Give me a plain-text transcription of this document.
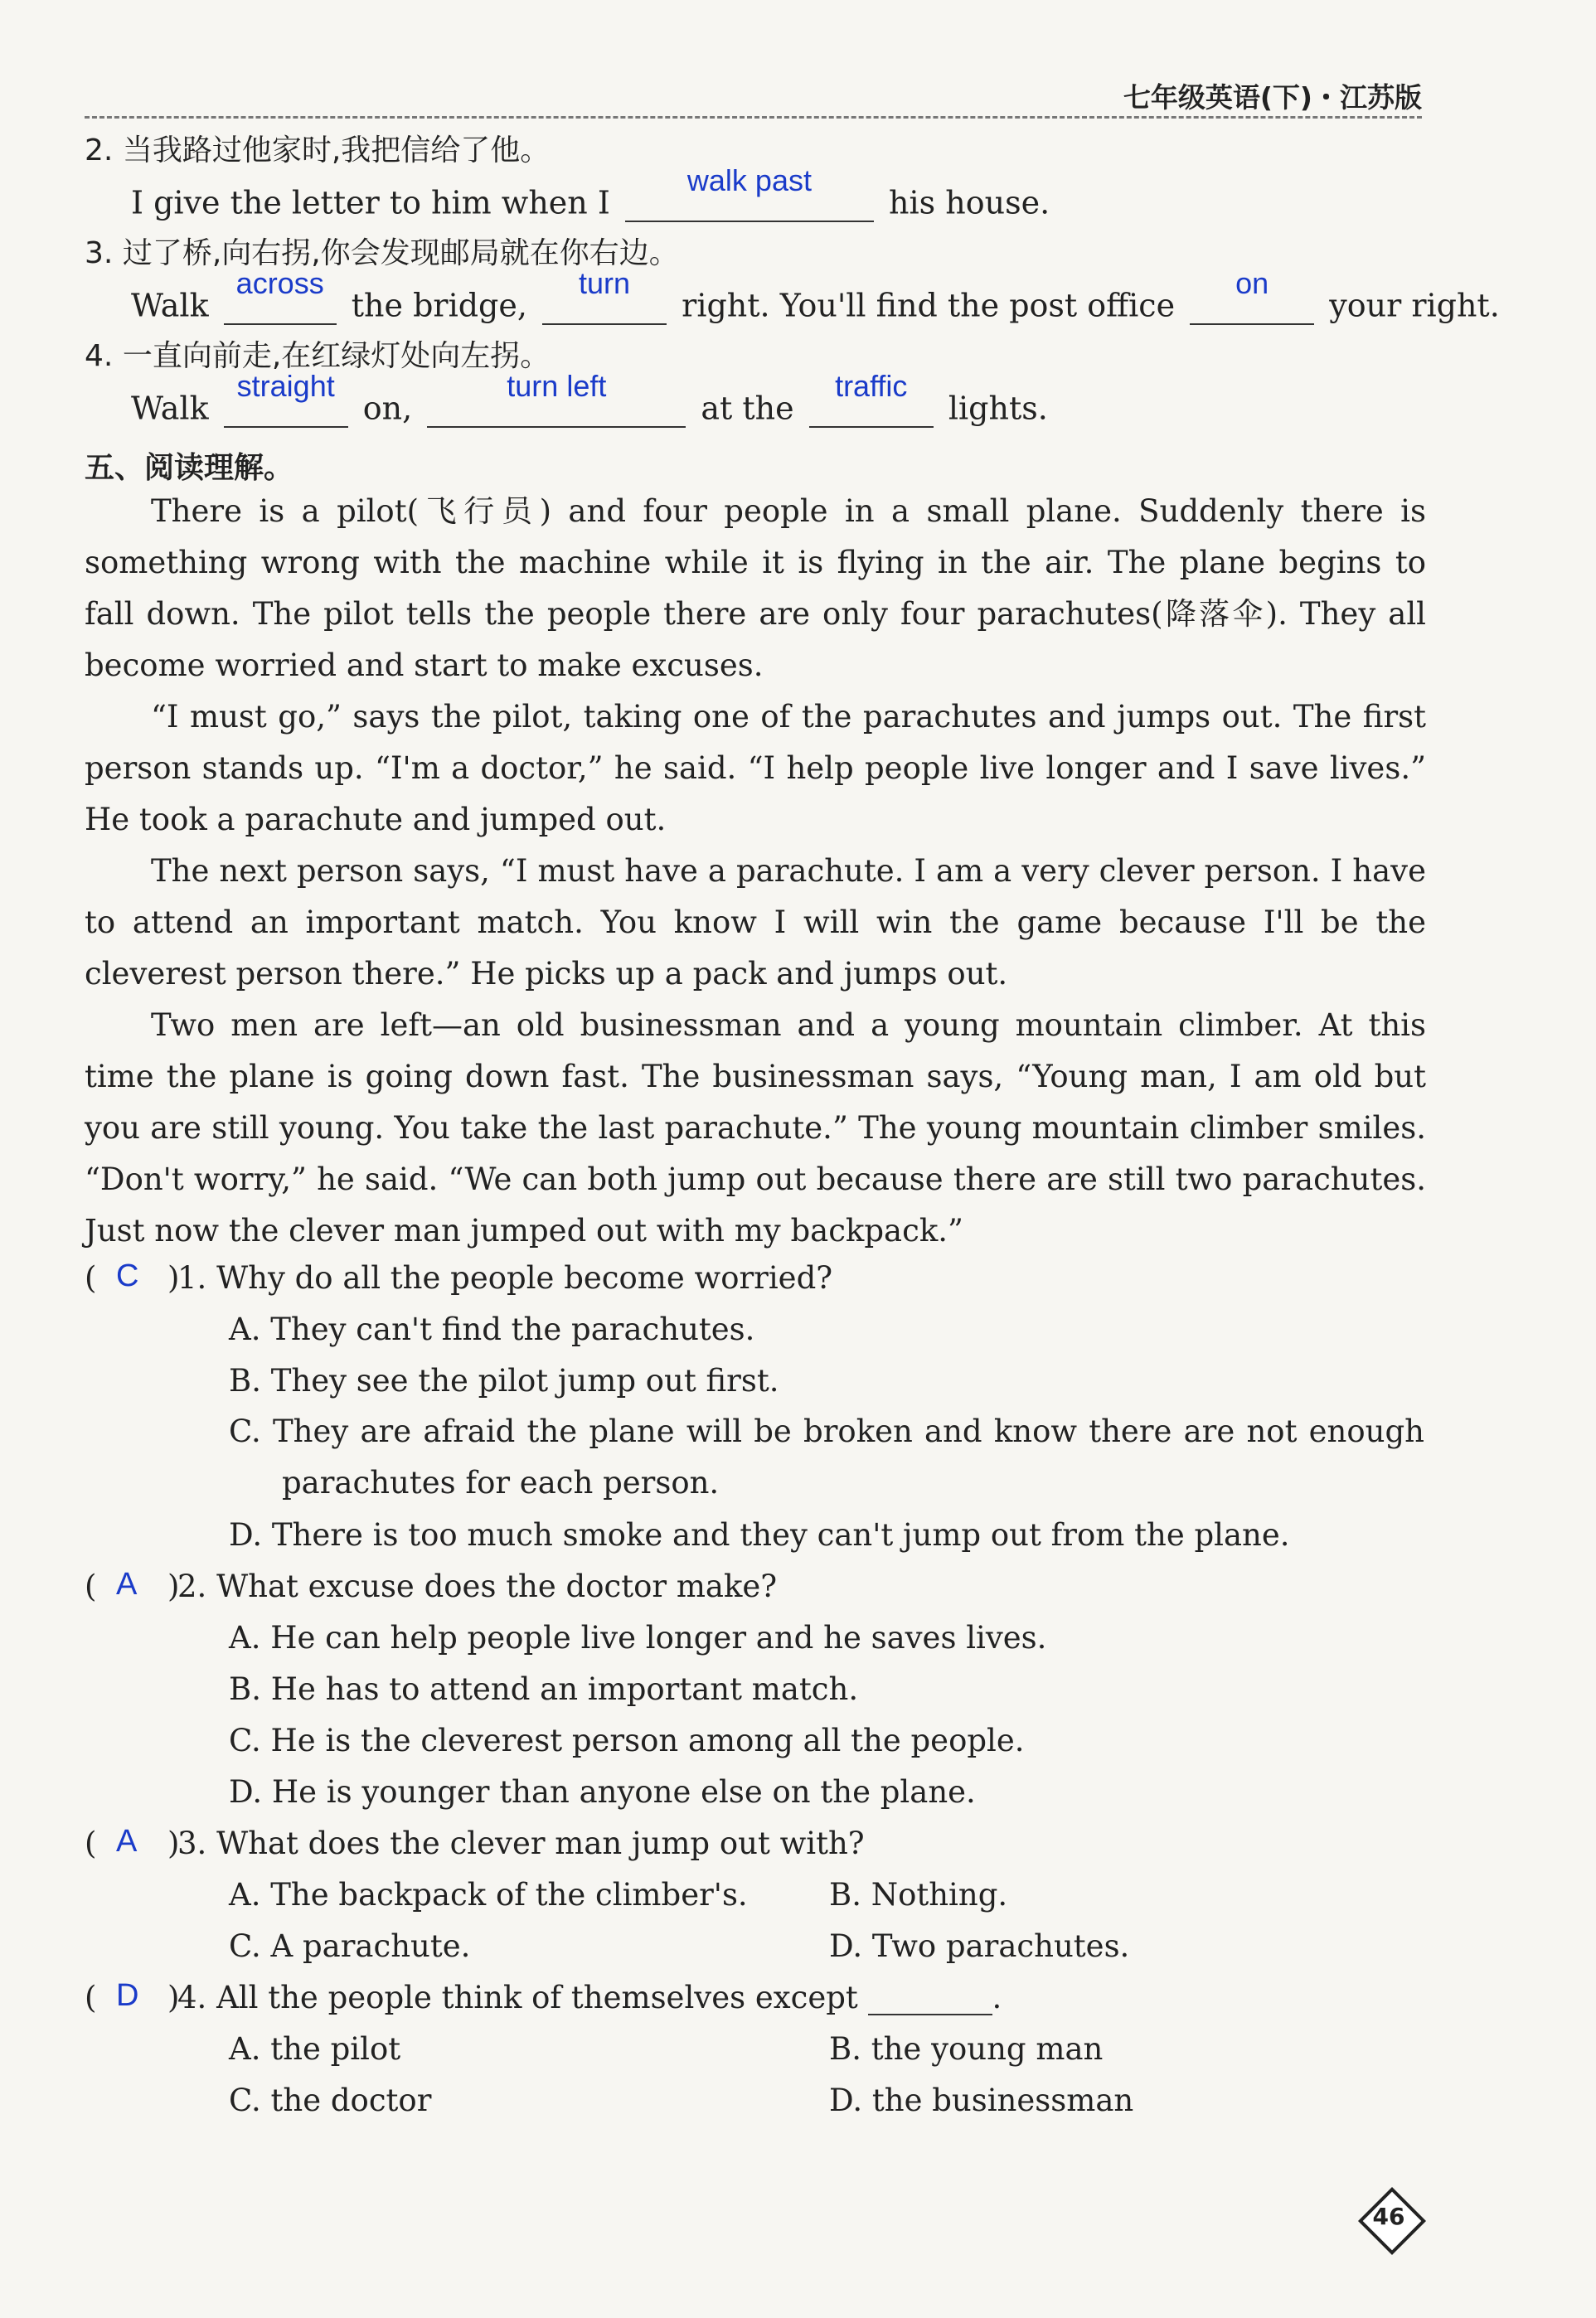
七年级英语(下)・江苏版
2. 当我路过他家时,我把信给了他。
I give the letter to him when I
walk past
his house.
3. 过了桥,向右拐,你会发现邮局就在你右边。
Walk
across
the bridge,
turn
right. You'll find the post office
on
your right.
4. 一直向前走,在红绿灯处向左拐。
Walk
straight
on,
turn left
at the
traffic
lights.
五、阅读理解。

There is a pilot(飞行员) and four people in a small plane. Suddenly there is something wrong with the machine while it is flying in the air. The plane begins to fall down. The pilot tells the people there are only four parachutes(降落伞). They all become worried and start to make excuses.

“I must go,” says the pilot, taking one of the parachutes and jumps out. The first person stands up. “I'm a doctor,” he said. “I help people live longer and I save lives.” He took a parachute and jumped out.

The next person says, “I must have a parachute. I am a very clever person. I have to attend an important match. You know I will win the game because I'll be the cleverest person there.” He picks up a pack and jumps out.

Two men are left—an old businessman and a young mountain climber. At this time the plane is going down fast. The businessman says, “Young man, I am old but you are still young. You take the last parachute.” The young mountain climber smiles. “Don't worry,” he said. “We can both jump out because there are still two parachutes. Just now the clever man jumped out with my backpack.”

( C )
1. Why do all the people become worried?
A. They can't find the parachutes.
B. They see the pilot jump out first.
C. They are afraid the plane will be broken and know there are not enough parachutes for each person.
D. There is too much smoke and they can't jump out from the plane.
( A )
2. What excuse does the doctor make?
A. He can help people live longer and he saves lives.
B. He has to attend an important match.
C. He is the cleverest person among all the people.
D. He is younger than anyone else on the plane.
( A )
3. What does the clever man jump out with?
A. The backpack of the climber's.	B. Nothing.
C. A parachute.	D. Two parachutes.
( D )
4. All the people think of themselves except	.
A. the pilot	B. the young man
C. the doctor	D. the businessman
46
